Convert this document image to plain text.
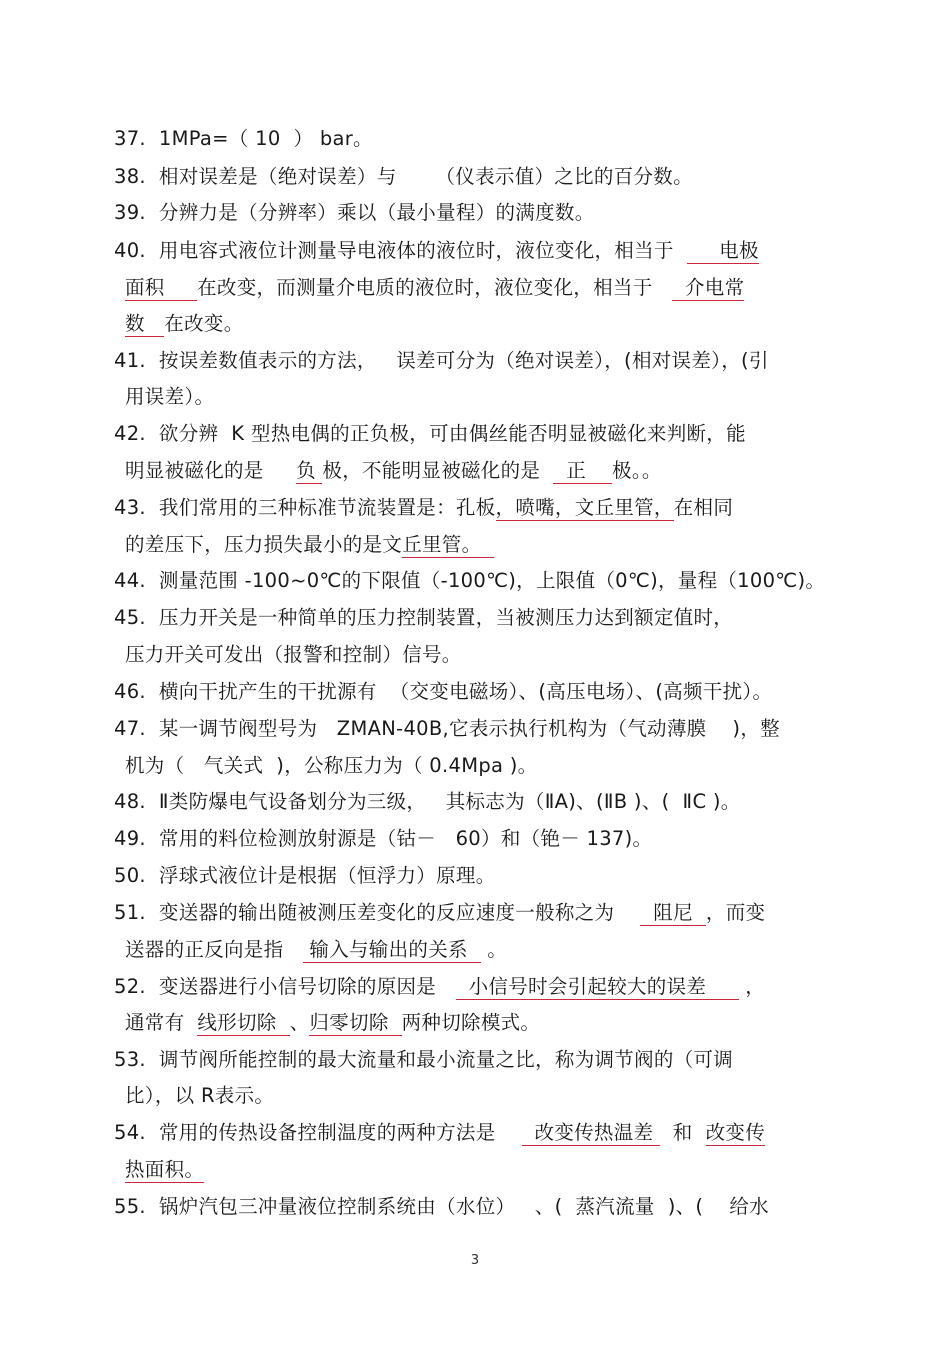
37.  1MPa=（ 10  ） bar。
38.  相对误差是（绝对误差）与      （仪表示值）之比的百分数。
39.  分辨力是（分辨率）乘以（最小量程）的满度数。
40.  用电容式液位计测量导电液体的液位时，液位变化，相当于       电极
面积     在改变，而测量介电质的液位时，液位变化，相当于     介电常
数   在改变。
41.  按误差数值表示的方法，   误差可分为（绝对误差），(相对误差），(引
用误差）。
42.  欲分辨  K 型热电偶的正负极，可由偶丝能否明显被磁化来判断，能
明显被磁化的是     负 极，不能明显被磁化的是    正    极。。
43.  我们常用的三种标准节流装置是：孔板，喷嘴，文丘里管，在相同
的差压下，压力损失最小的是文丘里管。
44.  测量范围 -100~0℃的下限值（-100℃)，上限值（0℃)，量程（100℃)。
45.  压力开关是一种简单的压力控制装置，当被测压力达到额定值时，
压力开关可发出（报警和控制）信号。
46.  横向干扰产生的干扰源有  （交变电磁场）、(高压电场）、(高频干扰）。
47.  某一调节阀型号为   ZMAN-40B,它表示执行机构为（气动薄膜    )，整
机为（   气关式  )，公称压力为（ 0.4Mpa )。
48.  Ⅱ类防爆电气设备划分为三级，   其标志为（ⅡA)、(ⅡB )、(  ⅡC )。
49.  常用的料位检测放射源是（钴－   60）和（铯－ 137)。
50.  浮球式液位计是根据（恒浮力）原理。
51.  变送器的输出随被测压差变化的反应速度一般称之为      阻尼  ，而变
送器的正反向是指    输入与输出的关系   。
52.  变送器进行小信号切除的原因是     小信号时会引起较大的误差      ，
通常有  线形切除  、归零切除  两种切除模式。
53.  调节阀所能控制的最大流量和最小流量之比，称为调节阀的（可调
比），以 R表示。
54.  常用的传热设备控制温度的两种方法是      改变传热温差   和  改变传
热面积。
55.  锅炉汽包三冲量液位控制系统由（水位）   、(  蒸汽流量  )、(    给水
3
